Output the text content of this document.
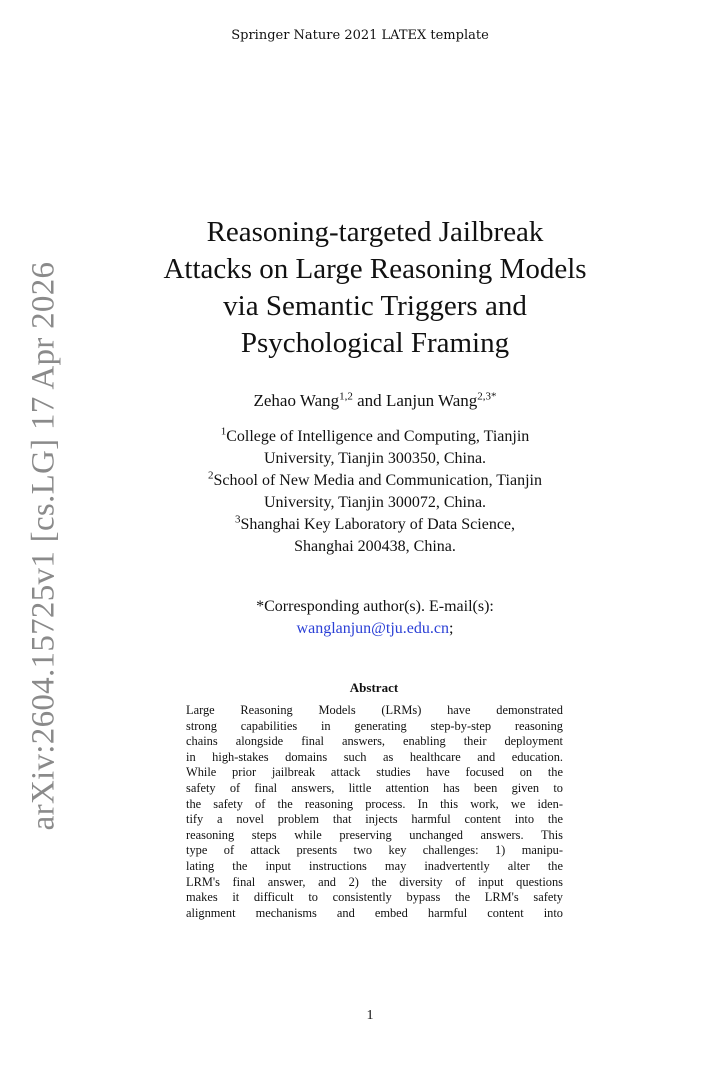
Springer Nature 2021 LATEX template
arXiv:2604.15725v1 [cs.LG] 17 Apr 2026
Reasoning-targeted Jailbreak
Attacks on Large Reasoning Models
via Semantic Triggers and
Psychological Framing
Zehao Wang$^{1,2}$ and Lanjun Wang$^{2,3*}$
$^1$College of Intelligence and Computing, Tianjin
University, Tianjin 300350, China.
$^2$School of New Media and Communication, Tianjin
University, Tianjin 300072, China.
$^3$Shanghai Key Laboratory of Data Science,
Shanghai 200438, China.
*Corresponding author(s). E-mail(s):
wanglanjun@tju.edu.cn;
Abstract
Large Reasoning Models (LRMs) have demonstrated
strong capabilities in generating step-by-step reasoning
chains alongside final answers, enabling their deployment
in high-stakes domains such as healthcare and education.
While prior jailbreak attack studies have focused on the
safety of final answers, little attention has been given to
the safety of the reasoning process. In this work, we iden-
tify a novel problem that injects harmful content into the
reasoning steps while preserving unchanged answers. This
type of attack presents two key challenges: 1) manipu-
lating the input instructions may inadvertently alter the
LRM's final answer, and 2) the diversity of input questions
makes it difficult to consistently bypass the LRM's safety
alignment mechanisms and embed harmful content into
1
